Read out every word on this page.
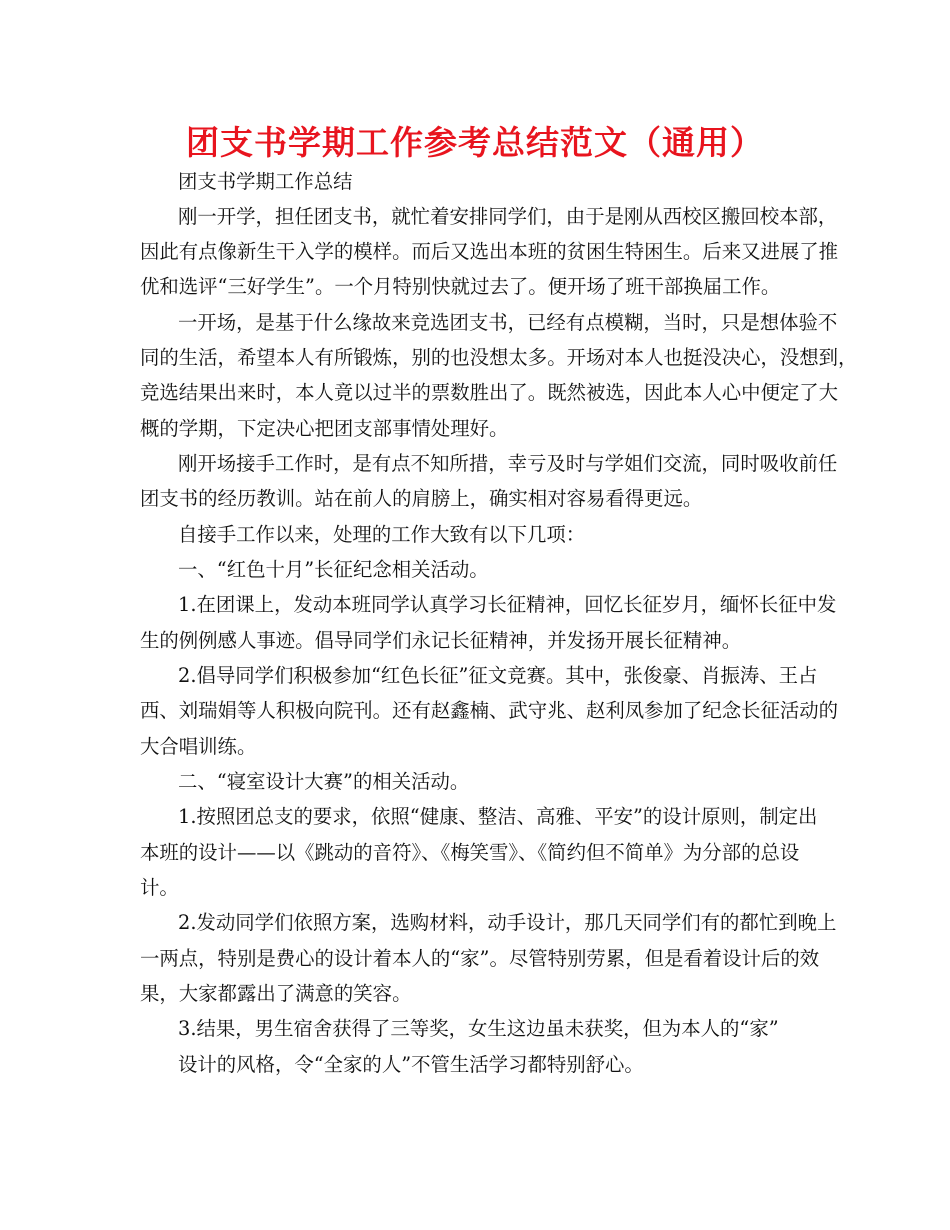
团支书学期工作参考总结范文（通用）
团支书学期工作总结
刚一开学，担任团支书，就忙着安排同学们，由于是刚从西校区搬回校本部，
因此有点像新生干入学的模样。而后又选出本班的贫困生特困生。后来又进展了推
优和选评“三好学生”。一个月特别快就过去了。便开场了班干部换届工作。
一开场，是基于什么缘故来竞选团支书，已经有点模糊，当时，只是想体验不
同的生活，希望本人有所锻炼，别的也没想太多。开场对本人也挺没决心，没想到，
竞选结果出来时，本人竟以过半的票数胜出了。既然被选，因此本人心中便定了大
概的学期，下定决心把团支部事情处理好。
刚开场接手工作时，是有点不知所措，幸亏及时与学姐们交流，同时吸收前任
团支书的经历教训。站在前人的肩膀上，确实相对容易看得更远。
自接手工作以来，处理的工作大致有以下几项：
一、“红色十月”长征纪念相关活动。
1.在团课上，发动本班同学认真学习长征精神，回忆长征岁月，缅怀长征中发
生的例例感人事迹。倡导同学们永记长征精神，并发扬开展长征精神。
2.倡导同学们积极参加“红色长征”征文竞赛。其中，张俊豪、肖振涛、王占
西、刘瑞娟等人积极向院刊。还有赵鑫楠、武守兆、赵利凤参加了纪念长征活动的
大合唱训练。
二、“寝室设计大赛”的相关活动。
1.按照团总支的要求，依照“健康、整洁、高雅、平安”的设计原则，制定出
本班的设计——以《跳动的音符》、《梅笑雪》、《简约但不简单》为分部的总设
计。
2.发动同学们依照方案，选购材料，动手设计，那几天同学们有的都忙到晚上
一两点，特别是费心的设计着本人的“家”。尽管特别劳累，但是看着设计后的效
果，大家都露出了满意的笑容。
3.结果，男生宿舍获得了三等奖，女生这边虽未获奖，但为本人的“家”
设计的风格，令“全家的人”不管生活学习都特别舒心。
